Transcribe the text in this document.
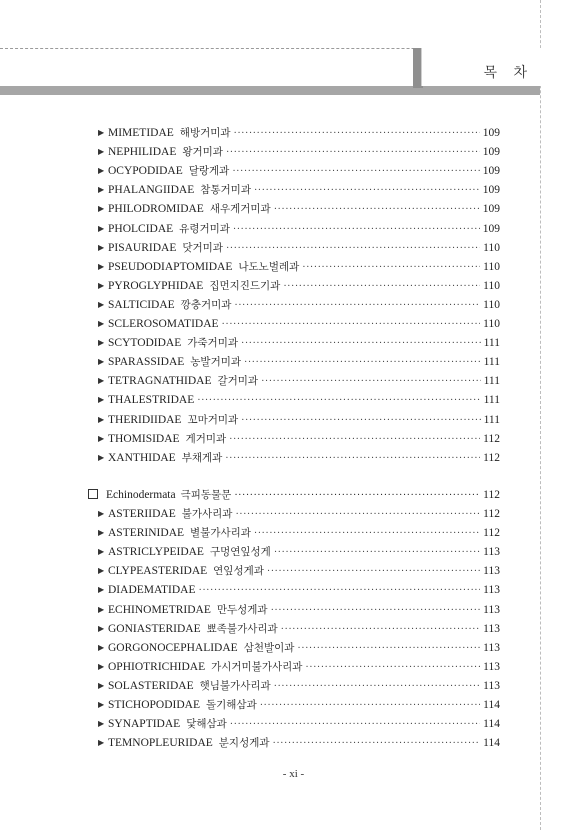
목 차
▶ MIMETIDAE 해방거미과 ·····	109
▶ NEPHILIDAE 왕거미과 ·····	109
▶ OCYPODIDAE 달랑게과 ·····	109
▶ PHALANGIIDAE 참통거미과 ·····	109
▶ PHILODROMIDAE 새우게거미과 ·····	109
▶ PHOLCIDAE 유령거미과 ·····	109
▶ PISAURIDAE 닷거미과 ·····	110
▶ PSEUDODIAPTOMIDAE 나도노벌레과 ·····	110
▶ PYROGLYPHIDAE 집먼지진드기과 ·····	110
▶ SALTICIDAE 깡충거미과 ·····	110
▶ SCLEROSOMATIDAE ·····	110
▶ SCYTODIDAE 가죽거미과 ·····	111
▶ SPARASSIDAE 농발거미과 ·····	111
▶ TETRAGNATHIDAE 갈거미과 ·····	111
▶ THALESTRIDAE ·····	111
▶ THERIDIIDAE 꼬마거미과 ·····	111
▶ THOMISIDAE 게거미과 ·····	112
▶ XANTHIDAE 부채게과 ·····	112
Echinodermata 극피동물문 ·····	112
▶ ASTERIIDAE 불가사리과 ·····	112
▶ ASTERINIDAE 별불가사리과 ·····	112
▶ ASTRICLYPEIDAE 구멍연잎성게 ·····	113
▶ CLYPEASTERIDAE 연잎성게과 ·····	113
▶ DIADEMATIDAE ·····	113
▶ ECHINOMETRIDAE 만두성게과 ·····	113
▶ GONIASTERIDAE 뾰족불가사리과 ·····	113
▶ GORGONOCEPHALIDAE 삼천발이과 ·····	113
▶ OPHIOTRICHIDAE 가시거미불가사리과 ·····	113
▶ SOLASTERIDAE 햇님불가사리과 ·····	113
▶ STICHOPODIDAE 돌기해삼과 ·····	114
▶ SYNAPTIDAE 닻해삼과 ·····	114
▶ TEMNOPLEURIDAE 분지성게과 ·····	114
- xi -
